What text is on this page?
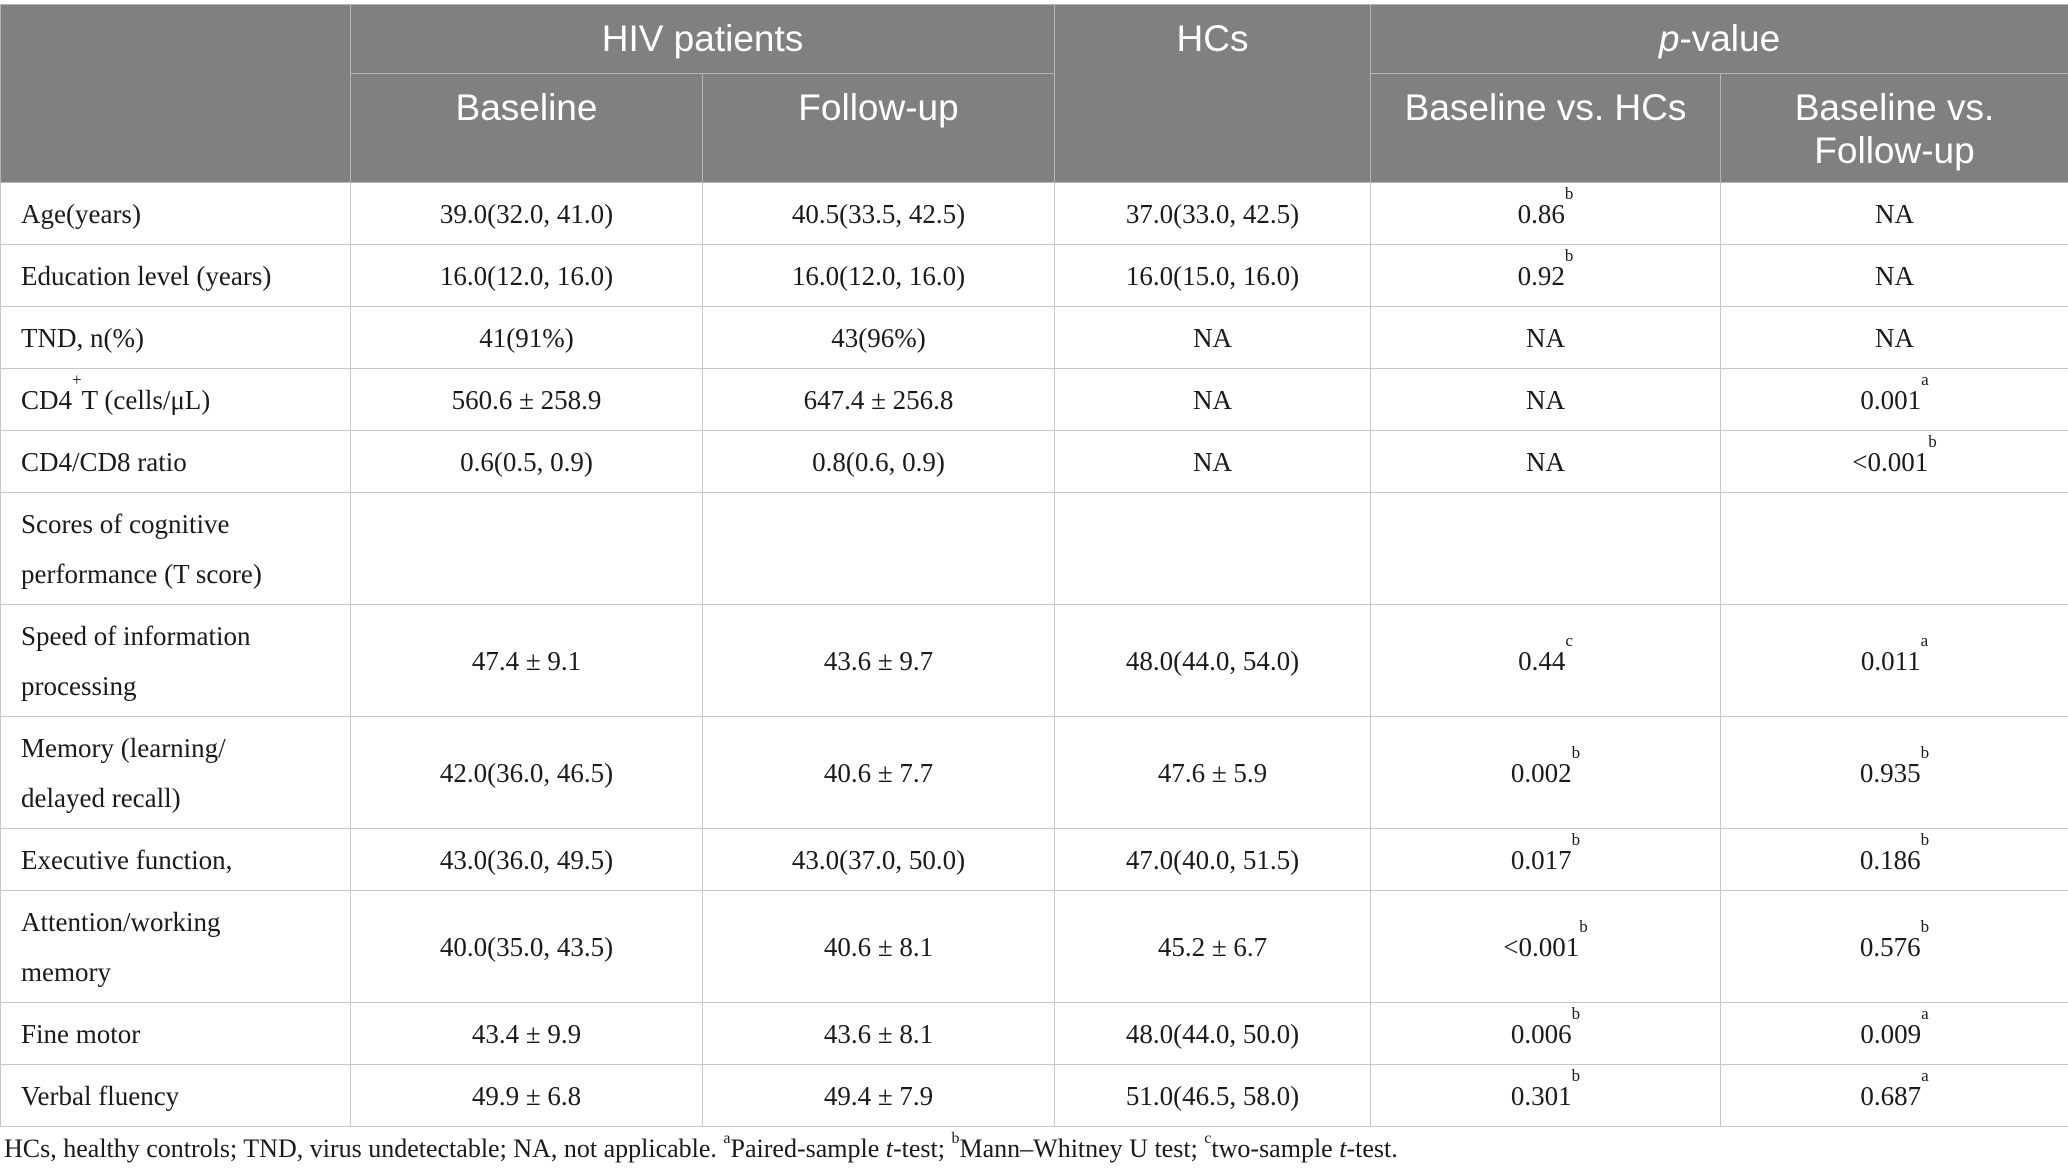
	HIV patients		HCs	p-value	
	Baseline	Follow-up		Baseline vs. HCs	Baseline vs.
Follow-up
Age(years)	39.0(32.0, 41.0)	40.5(33.5, 42.5)	37.0(33.0, 42.5)	0.86$^b$	NA
Education level (years)	16.0(12.0, 16.0)	16.0(12.0, 16.0)	16.0(15.0, 16.0)	0.92$^b$	NA
TND, n(%)	41(91%)	43(96%)	NA	NA	NA
CD4+T (cells/μL)	560.6 ± 258.9	647.4 ± 256.8	NA	NA	0.001$^a$
CD4/CD8 ratio	0.6(0.5, 0.9)	0.8(0.6, 0.9)	NA	NA	<0.001$^b$
Scores of cognitive
performance (T score)					
Speed of information
processing	47.4 ± 9.1	43.6 ± 9.7	48.0(44.0, 54.0)	0.44$^c$	0.011$^a$
Memory (learning/
delayed recall)	42.0(36.0, 46.5)	40.6 ± 7.7	47.6 ± 5.9	0.002$^b$	0.935$^b$
Executive function,	43.0(36.0, 49.5)	43.0(37.0, 50.0)	47.0(40.0, 51.5)	0.017$^b$	0.186$^b$
Attention/working
memory	40.0(35.0, 43.5)	40.6 ± 8.1	45.2 ± 6.7	<0.001$^b$	0.576$^b$
Fine motor	43.4 ± 9.9	43.6 ± 8.1	48.0(44.0, 50.0)	0.006$^b$	0.009$^a$
Verbal fluency	49.9 ± 6.8	49.4 ± 7.9	51.0(46.5, 58.0)	0.301$^b$	0.687$^a$
HCs, healthy controls; TND, virus undetectable; NA, not applicable. $^a$Paired-sample t-test; $^b$Mann–Whitney U test; $^c$two-sample t-test.
